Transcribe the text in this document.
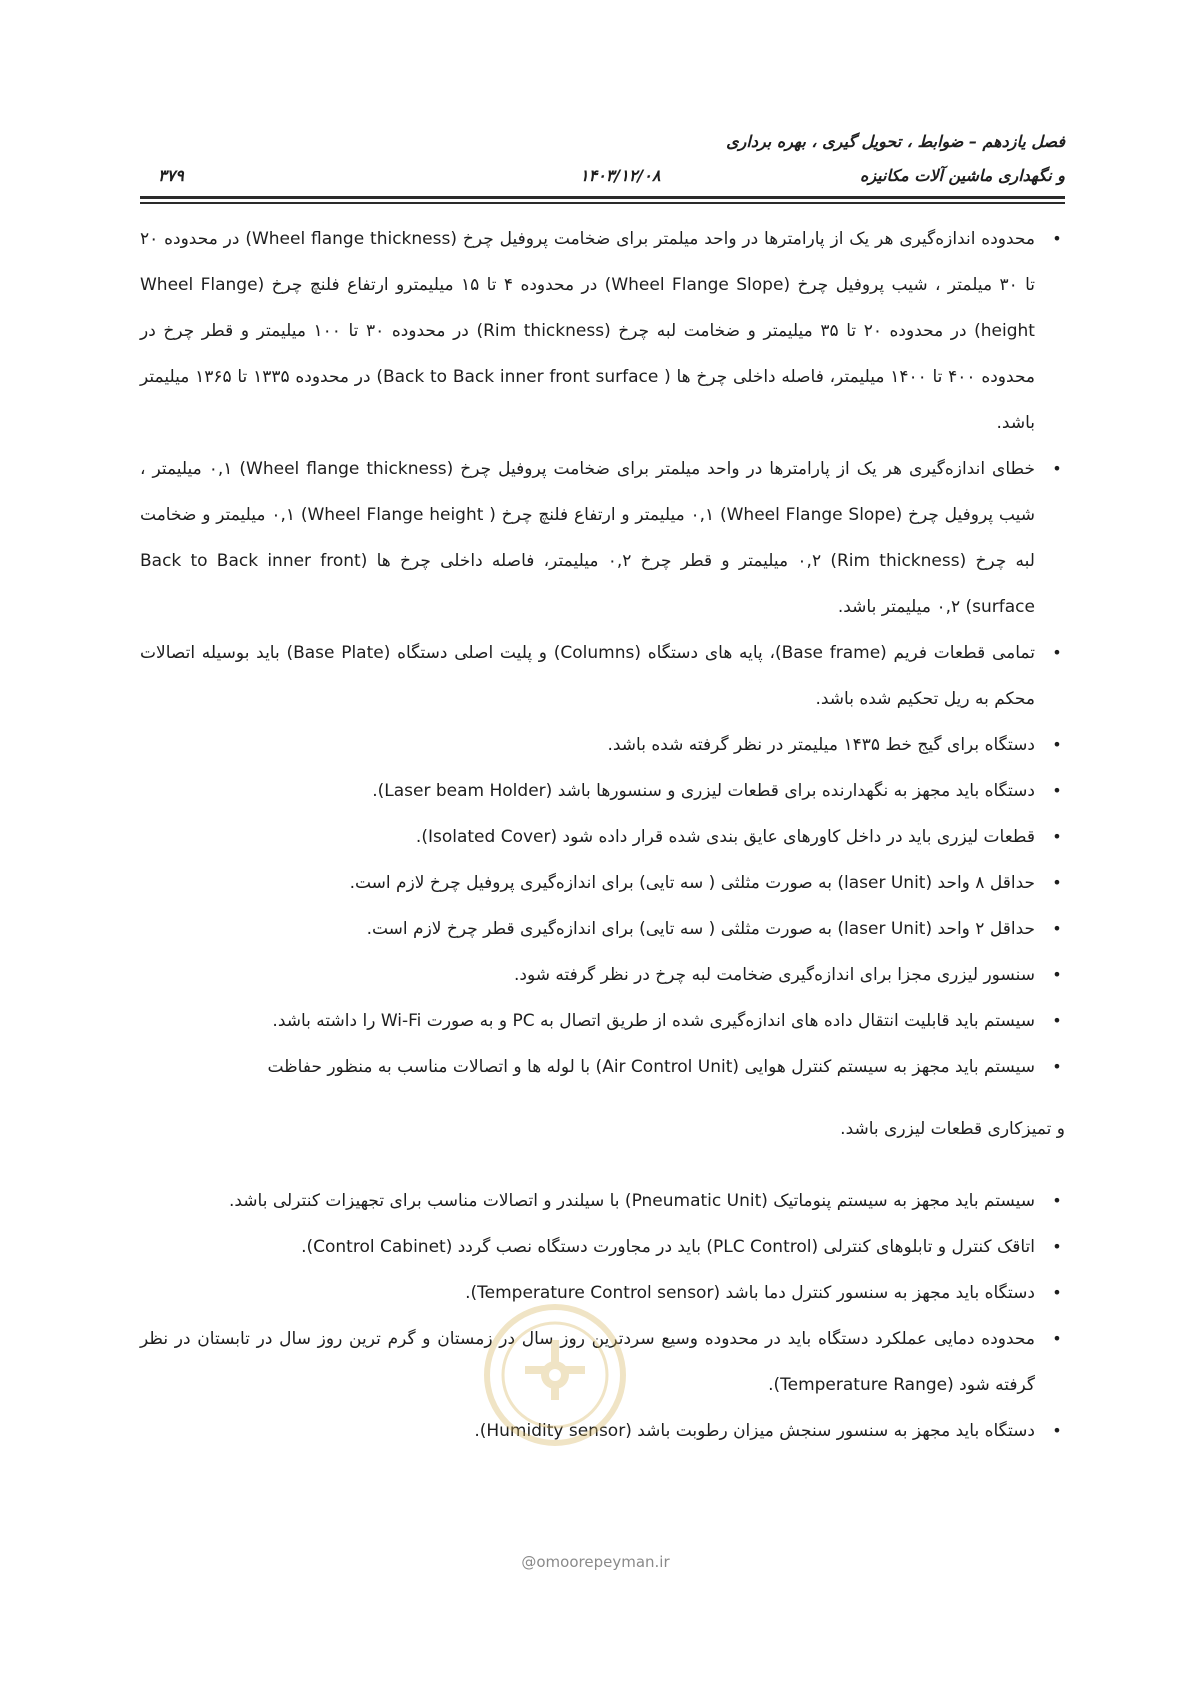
فصل یازدهم – ضوابط ، تحویل گیری ، بهره برداری
و نگهداری ماشین آلات مکانیزه
۱۴۰۳/۱۲/۰۸
۳۷۹
•
محدوده اندازه‌گیری هر یک از پارامترها در واحد میلمتر برای ضخامت پروفیل چرخ (Wheel flange thickness) در محدوده ۲۰ تا ۳۰ میلمتر ، شیب پروفیل چرخ (Wheel Flange Slope) در محدوده ۴ تا ۱۵ میلیمترو ارتفاع فلنچ چرخ (Wheel Flange height) در محدوده ۲۰ تا ۳۵ میلیمتر و ضخامت لبه چرخ (Rim thickness) در محدوده ۳۰ تا ۱۰۰ میلیمتر و قطر چرخ در محدوده ۴۰۰ تا ۱۴۰۰ میلیمتر، فاصله داخلی چرخ ها ( Back to Back inner front surface) در محدوده ۱۳۳۵ تا ۱۳۶۵ میلیمتر باشد.
•
خطای اندازه‌گیری هر یک از پارامترها در واحد میلمتر برای ضخامت پروفیل چرخ (Wheel flange thickness) ۰,۱ میلیمتر ، شیب پروفیل چرخ (Wheel Flange Slope) ۰,۱ میلیمتر و ارتفاع فلنچ چرخ ( Wheel Flange height) ۰,۱ میلیمتر و ضخامت لبه چرخ (Rim thickness) ۰,۲ میلیمتر و قطر چرخ ۰,۲ میلیمتر، فاصله داخلی چرخ ها (Back to Back inner front surface) ۰,۲ میلیمتر باشد.
•
تمامی قطعات فریم (Base frame)، پایه های دستگاه (Columns) و پلیت اصلی دستگاه (Base Plate) باید بوسیله اتصالات محکم به ریل تحکیم شده باشد.
•
دستگاه برای گیج خط ۱۴۳۵ میلیمتر در نظر گرفته شده باشد.
•
دستگاه باید مجهز به نگهدارنده برای قطعات لیزری و سنسورها باشد (Laser beam Holder).
•
قطعات لیزری باید در داخل کاورهای عایق بندی شده قرار داده شود (Isolated Cover).
•
حداقل ۸ واحد (laser Unit) به صورت مثلثی ( سه تایی) برای اندازه‌گیری پروفیل چرخ لازم است.
•
حداقل ۲ واحد (laser Unit) به صورت مثلثی ( سه تایی) برای اندازه‌گیری قطر چرخ لازم است.
•
سنسور لیزری مجزا برای اندازه‌گیری ضخامت لبه چرخ در نظر گرفته شود.
•
سیستم باید قابلیت انتقال داده های اندازه‌گیری شده از طریق اتصال به PC و به صورت Wi-Fi را داشته باشد.
•
سیستم باید مجهز به سیستم کنترل هوایی (Air Control Unit) با لوله ها و اتصالات مناسب به منظور حفاظت
و تمیزکاری قطعات لیزری باشد.
•
سیستم باید مجهز به سیستم پنوماتیک (Pneumatic Unit) با سیلندر و اتصالات مناسب برای تجهیزات کنترلی باشد.
•
اتاقک کنترل و تابلوهای کنترلی (PLC Control) باید در مجاورت دستگاه نصب گردد (Control Cabinet).
•
دستگاه باید مجهز به سنسور کنترل دما باشد (Temperature Control sensor).
•
محدوده دمایی عملکرد دستگاه باید در محدوده وسیع سردترین روز سال در زمستان و گرم ترین روز سال در تابستان در نظر گرفته شود (Temperature Range).
•
دستگاه باید مجهز به سنسور سنجش میزان رطوبت باشد (Humidity sensor).
@omoorepeyman.ir
